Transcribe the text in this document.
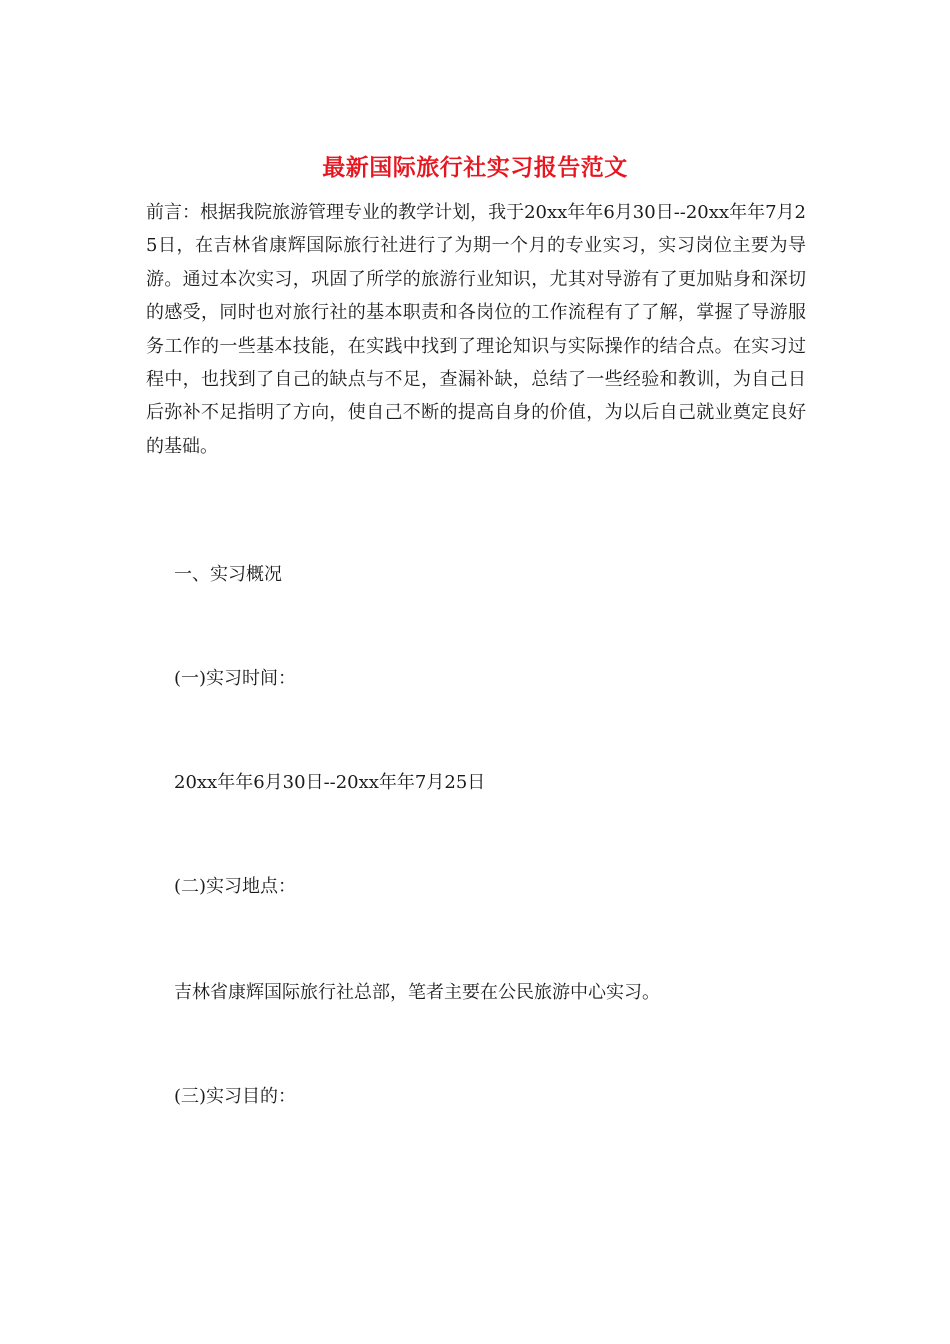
最新国际旅行社实习报告范文

前言：根据我院旅游管理专业的教学计划，我于20xx年年6月30日--20xx年年7月25日，在吉林省康辉国际旅行社进行了为期一个月的专业实习，实习岗位主要为导游。通过本次实习，巩固了所学的旅游行业知识，尤其对导游有了更加贴身和深切的感受，同时也对旅行社的基本职责和各岗位的工作流程有了了解，掌握了导游服务工作的一些基本技能，在实践中找到了理论知识与实际操作的结合点。在实习过程中，也找到了自己的缺点与不足，查漏补缺，总结了一些经验和教训，为自己日后弥补不足指明了方向，使自己不断的提高自身的价值，为以后自己就业奠定良好的基础。

一、实习概况

(一)实习时间：

20xx年年6月30日--20xx年年7月25日

(二)实习地点：

吉林省康辉国际旅行社总部，笔者主要在公民旅游中心实习。

(三)实习目的：
